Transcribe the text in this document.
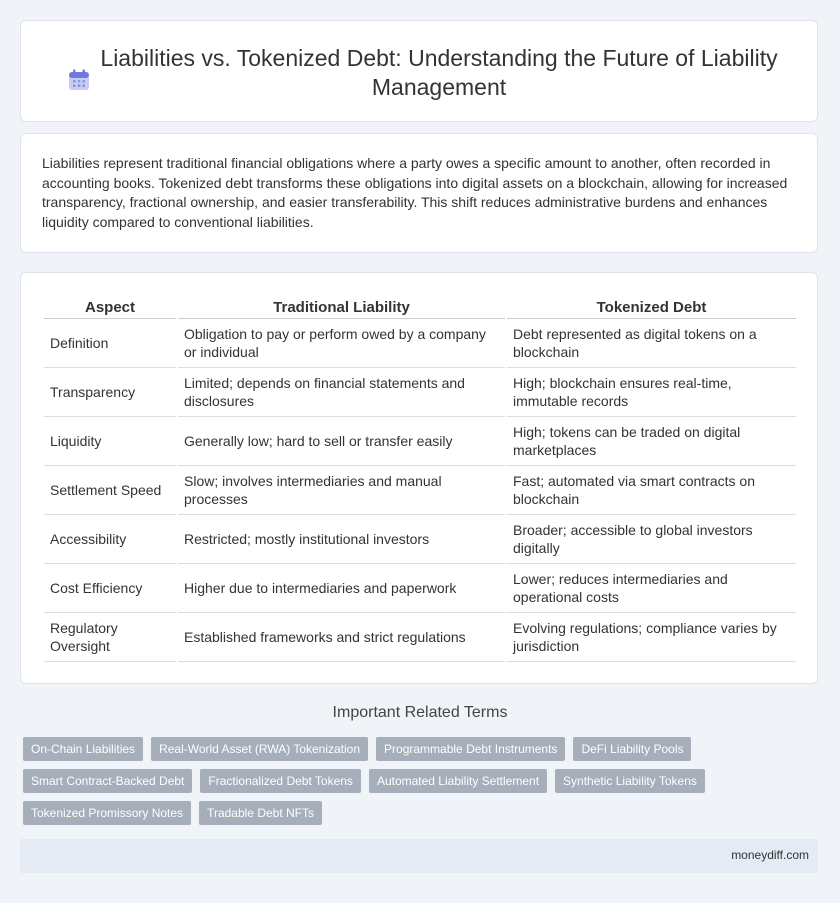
Liabilities vs. Tokenized Debt: Understanding the Future of Liability Management

Liabilities represent traditional financial obligations where a party owes a specific amount to another, often recorded in accounting books. Tokenized debt transforms these obligations into digital assets on a blockchain, allowing for increased transparency, fractional ownership, and easier transferability. This shift reduces administrative burdens and enhances liquidity compared to conventional liabilities.

Aspect	Traditional Liability	Tokenized Debt
Definition	Obligation to pay or perform owed by a company or individual	Debt represented as digital tokens on a blockchain
Transparency	Limited; depends on financial statements and disclosures	High; blockchain ensures real-time, immutable records
Liquidity	Generally low; hard to sell or transfer easily	High; tokens can be traded on digital marketplaces
Settlement Speed	Slow; involves intermediaries and manual processes	Fast; automated via smart contracts on blockchain
Accessibility	Restricted; mostly institutional investors	Broader; accessible to global investors digitally
Cost Efficiency	Higher due to intermediaries and paperwork	Lower; reduces intermediaries and operational costs
Regulatory Oversight	Established frameworks and strict regulations	Evolving regulations; compliance varies by jurisdiction
Important Related Terms
On-Chain Liabilities	Real-World Asset (RWA) Tokenization	Programmable Debt Instruments	DeFi Liability Pools
Smart Contract-Backed Debt	Fractionalized Debt Tokens	Automated Liability Settlement	Synthetic Liability Tokens
Tokenized Promissory Notes	Tradable Debt NFTs
moneydiff.com
